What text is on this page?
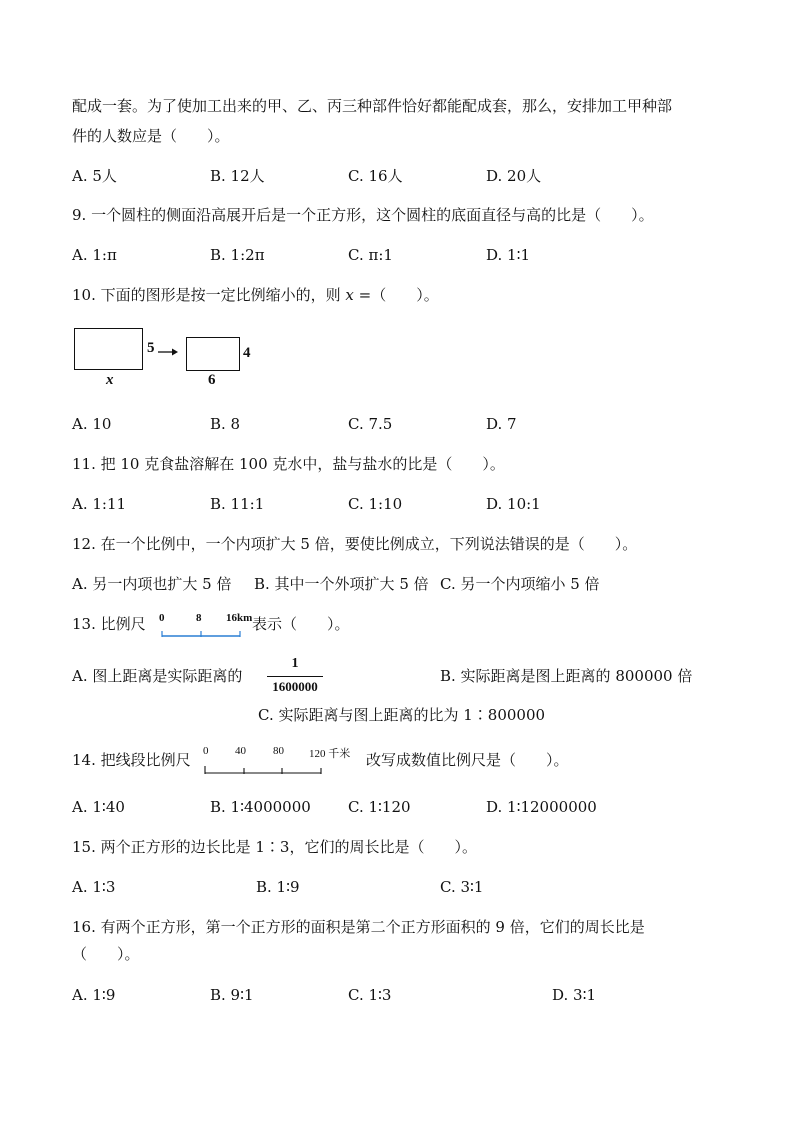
配成一套。为了使加工出来的甲、乙、丙三种部件恰好都能配成套，那么，安排加工甲种部
件的人数应是（　　）。
A. 5人	B. 12人	C. 16人	D. 20人
9. 一个圆柱的侧面沿高展开后是一个正方形，这个圆柱的底面直径与高的比是（　　）。
A. 1:π	B. 1:2π	C. π:1	D. 1∶1
10. 下面的图形是按一定比例缩小的，则 x =（　　）。
x
5
6
4
A. 10	B. 8	C. 7.5	D. 7
11. 把 10 克食盐溶解在 100 克水中，盐与盐水的比是（　　）。
A. 1:11	B. 11:1	C. 1:10	D. 10:1
12. 在一个比例中，一个内项扩大 5 倍，要使比例成立，下列说法错误的是（　　）。
A. 另一内项也扩大 5 倍 B. 其中一个外项扩大 5 倍 C. 另一个内项缩小 5 倍
13. 比例尺 0	8 16km 表示（　　）。
A. 图上距离是实际距离的
1
1600000
B. 实际距离是图上距离的 800000 倍
C. 实际距离与图上距离的比为 1∶800000
14. 把线段比例尺 0 40 80 120 千米 改写成数值比例尺是（　　）。
A. 1∶40	B. 1∶4000000 C. 1∶120	D. 1∶12000000
15. 两个正方形的边长比是 1∶3，它们的周长比是（　　）。
A. 1∶3	B. 1∶9	C. 3∶1
16. 有两个正方形，第一个正方形的面积是第二个正方形面积的 9 倍，它们的周长比是
（　　）。
A. 1∶9	B. 9∶1	C. 1∶3	D. 3∶1
